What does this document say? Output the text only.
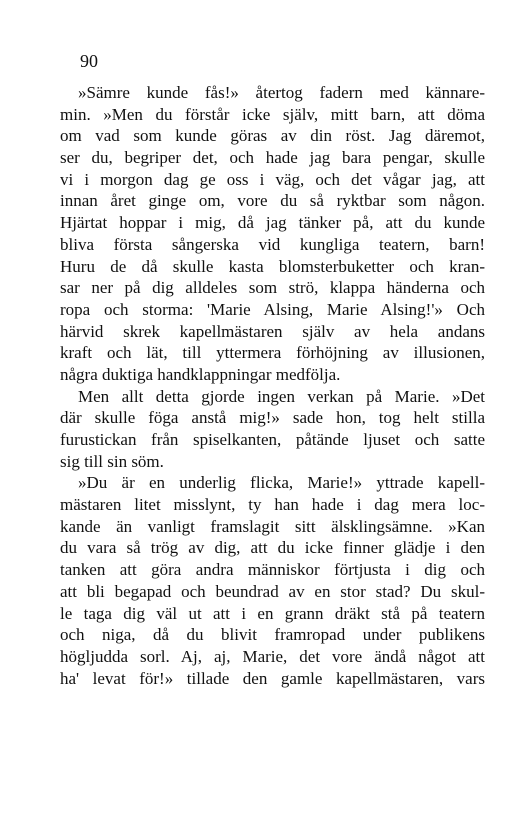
90
»Sämre kunde fås!» återtog fadern med kännare-
min. »Men du förstår icke själv, mitt barn, att döma
om vad som kunde göras av din röst. Jag däremot,
ser du, begriper det, och hade jag bara pengar, skulle
vi i morgon dag ge oss i väg, och det vågar jag, att
innan året ginge om, vore du så ryktbar som någon.
Hjärtat hoppar i mig, då jag tänker på, att du kunde
bliva första sångerska vid kungliga teatern, barn!
Huru de då skulle kasta blomsterbuketter och kran-
sar ner på dig alldeles som strö, klappa händerna och
ropa och storma: 'Marie Alsing, Marie Alsing!'» Och
härvid skrek kapellmästaren själv av hela andans
kraft och lät, till yttermera förhöjning av illusionen,
några duktiga handklappningar medfölja.
Men allt detta gjorde ingen verkan på Marie. »Det
där skulle föga anstå mig!» sade hon, tog helt stilla
furustickan från spiselkanten, påtände ljuset och satte
sig till sin söm.
»Du är en underlig flicka, Marie!» yttrade kapell-
mästaren litet misslynt, ty han hade i dag mera loc-
kande än vanligt framslagit sitt älsklingsämne. »Kan
du vara så trög av dig, att du icke finner glädje i den
tanken att göra andra människor förtjusta i dig och
att bli begapad och beundrad av en stor stad? Du skul-
le taga dig väl ut att i en grann dräkt stå på teatern
och niga, då du blivit framropad under publikens
högljudda sorl. Aj, aj, Marie, det vore ändå något att
ha' levat för!» tillade den gamle kapellmästaren, vars
